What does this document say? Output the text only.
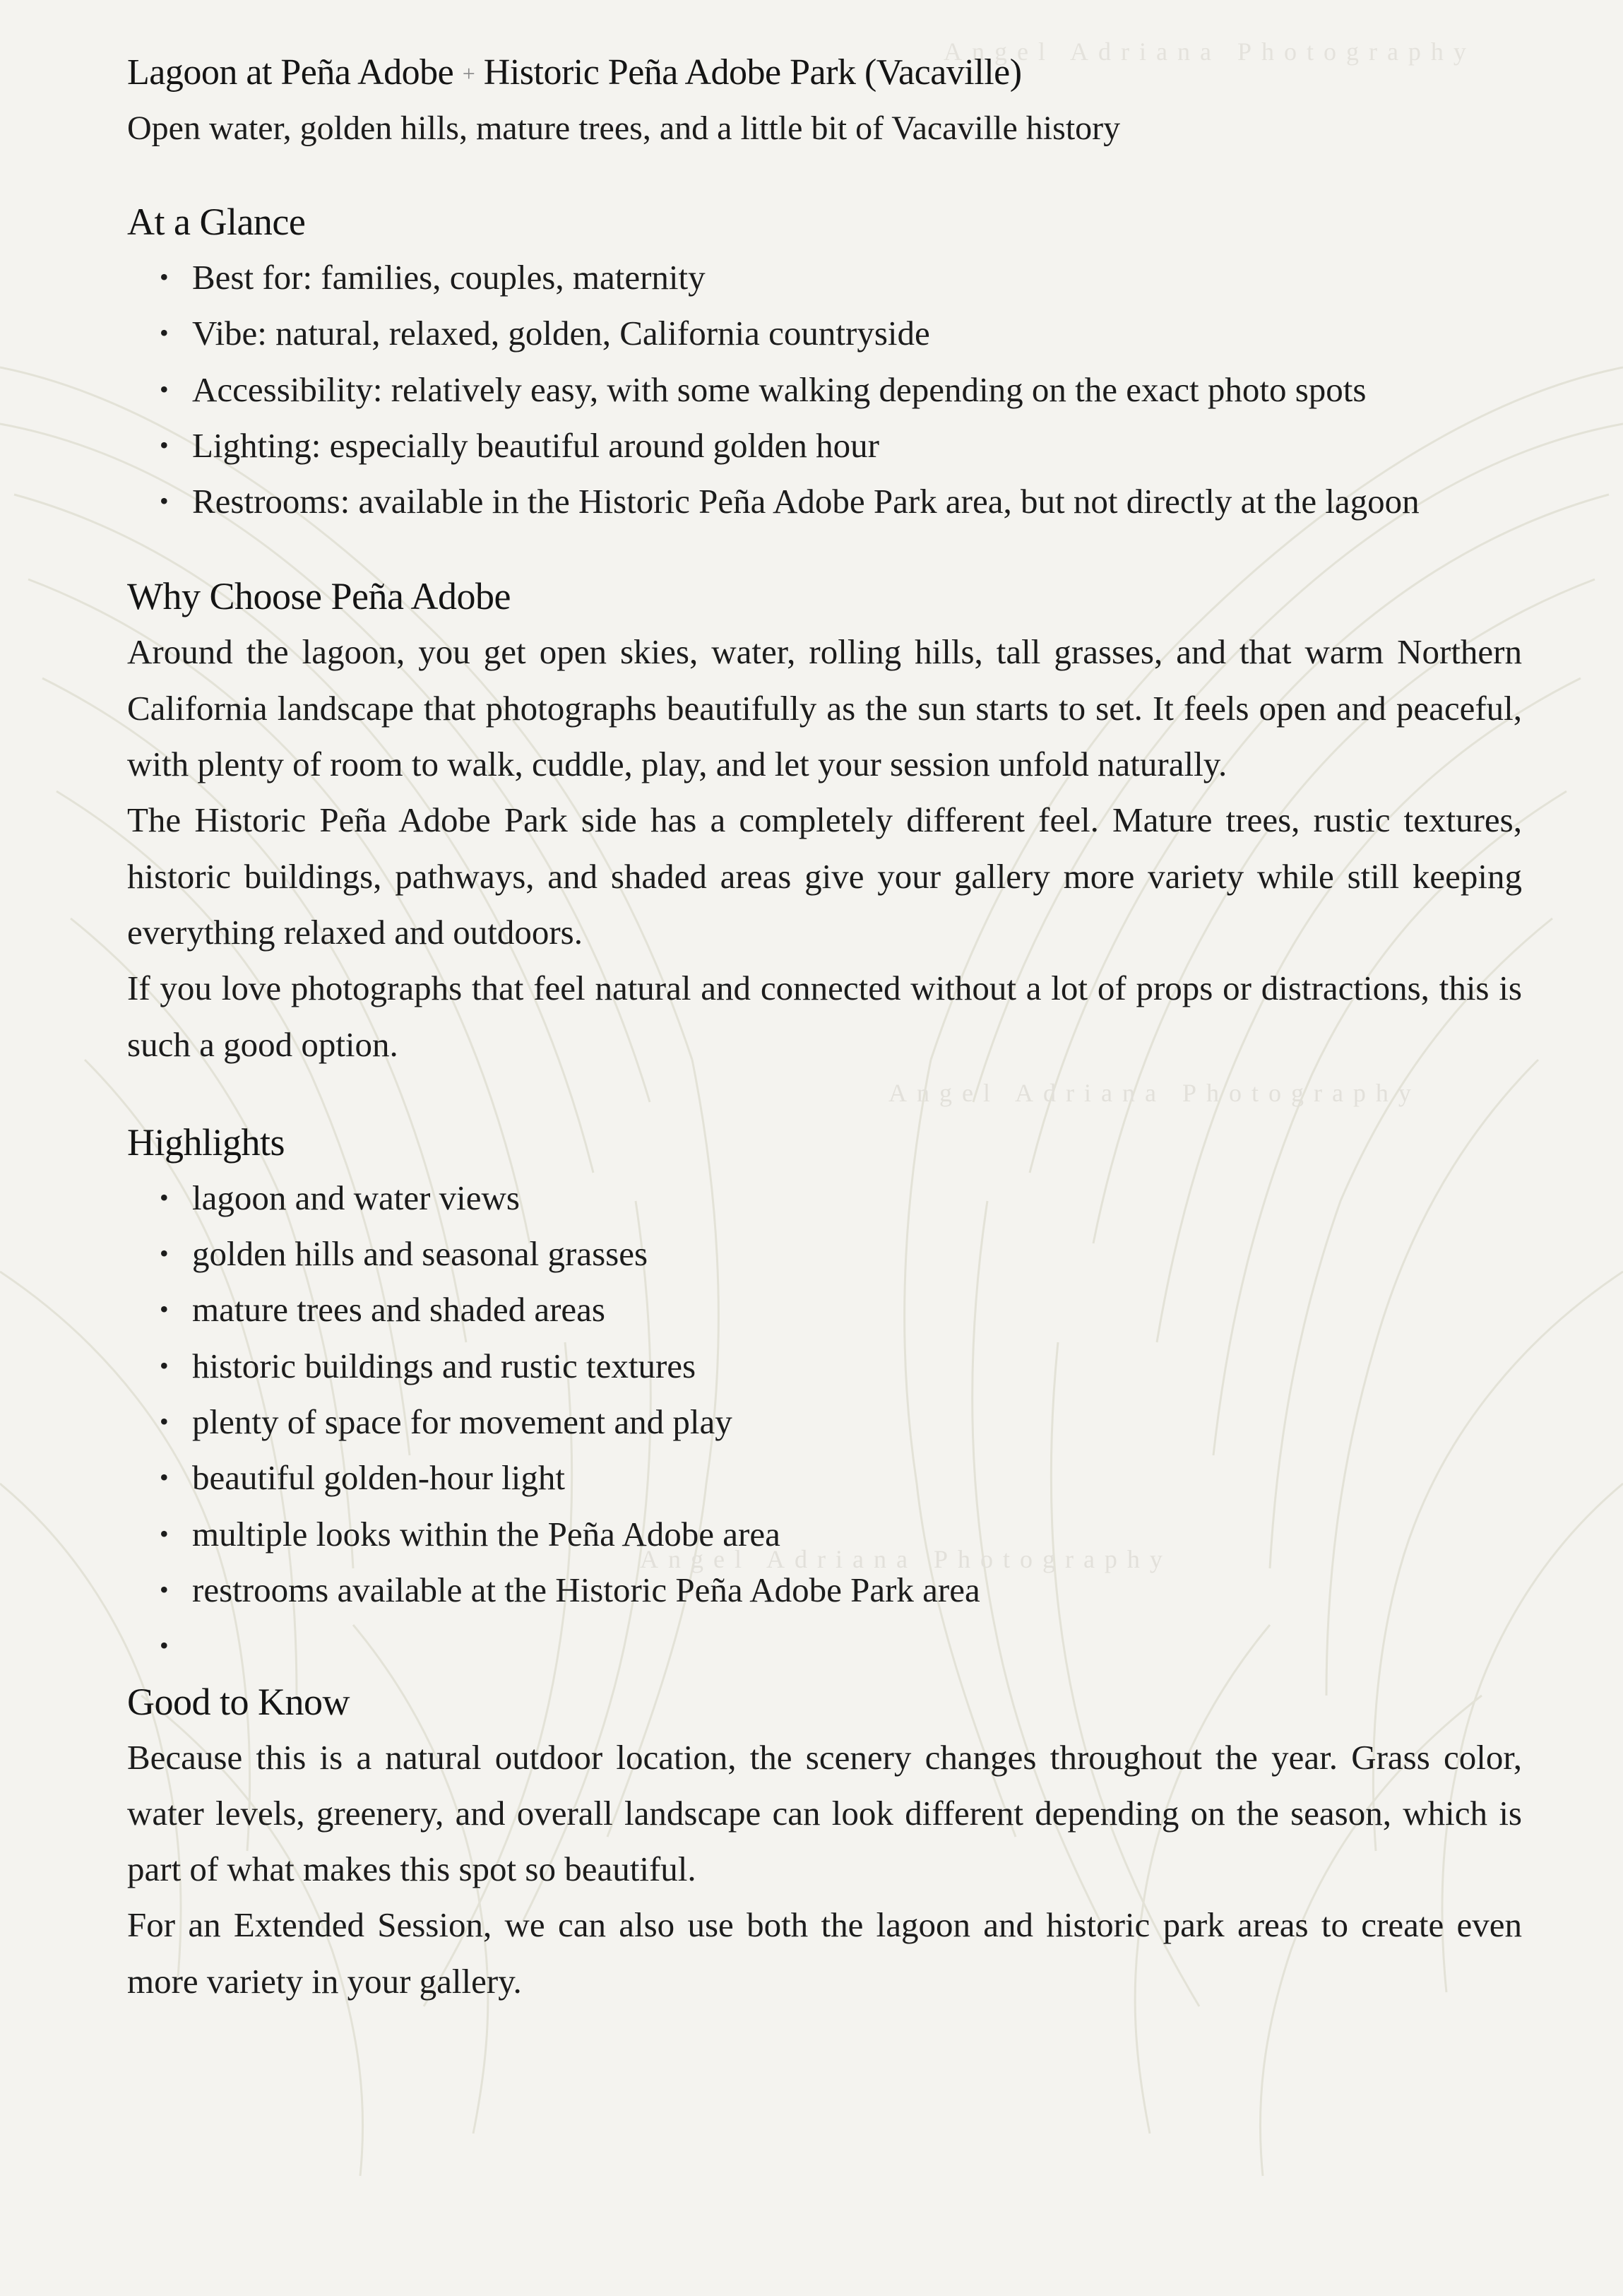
Angel Adriana Photography
Angel Adriana Photography
Angel Adriana Photography
Lagoon at Peña Adobe + Historic Peña Adobe Park (Vacaville)

Open water, golden hills, mature trees, and a little bit of Vacaville history

At a Glance
• Best for: families, couples, maternity
• Vibe: natural, relaxed, golden, California countryside
• Accessibility: relatively easy, with some walking depending on the exact photo spots
• Lighting: especially beautiful around golden hour
• Restrooms: available in the Historic Peña Adobe Park area, but not directly at the lagoon
Why Choose Peña Adobe

Around the lagoon, you get open skies, water, rolling hills, tall grasses, and that warm Northern California landscape that photographs beautifully as the sun starts to set. It feels open and peaceful, with plenty of room to walk, cuddle, play, and let your session unfold naturally.

The Historic Peña Adobe Park side has a completely different feel. Mature trees, rustic textures, historic buildings, pathways, and shaded areas give your gallery more variety while still keeping everything relaxed and outdoors.

If you love photographs that feel natural and connected without a lot of props or distractions, this is such a good option.

Highlights
• lagoon and water views
• golden hills and seasonal grasses
• mature trees and shaded areas
• historic buildings and rustic textures
• plenty of space for movement and play
• beautiful golden-hour light
• multiple looks within the Peña Adobe area
• restrooms available at the Historic Peña Adobe Park area
•
Good to Know

Because this is a natural outdoor location, the scenery changes throughout the year. Grass color, water levels, greenery, and overall landscape can look different depending on the season, which is part of what makes this spot so beautiful.

For an Extended Session, we can also use both the lagoon and historic park areas to create even more variety in your gallery.
